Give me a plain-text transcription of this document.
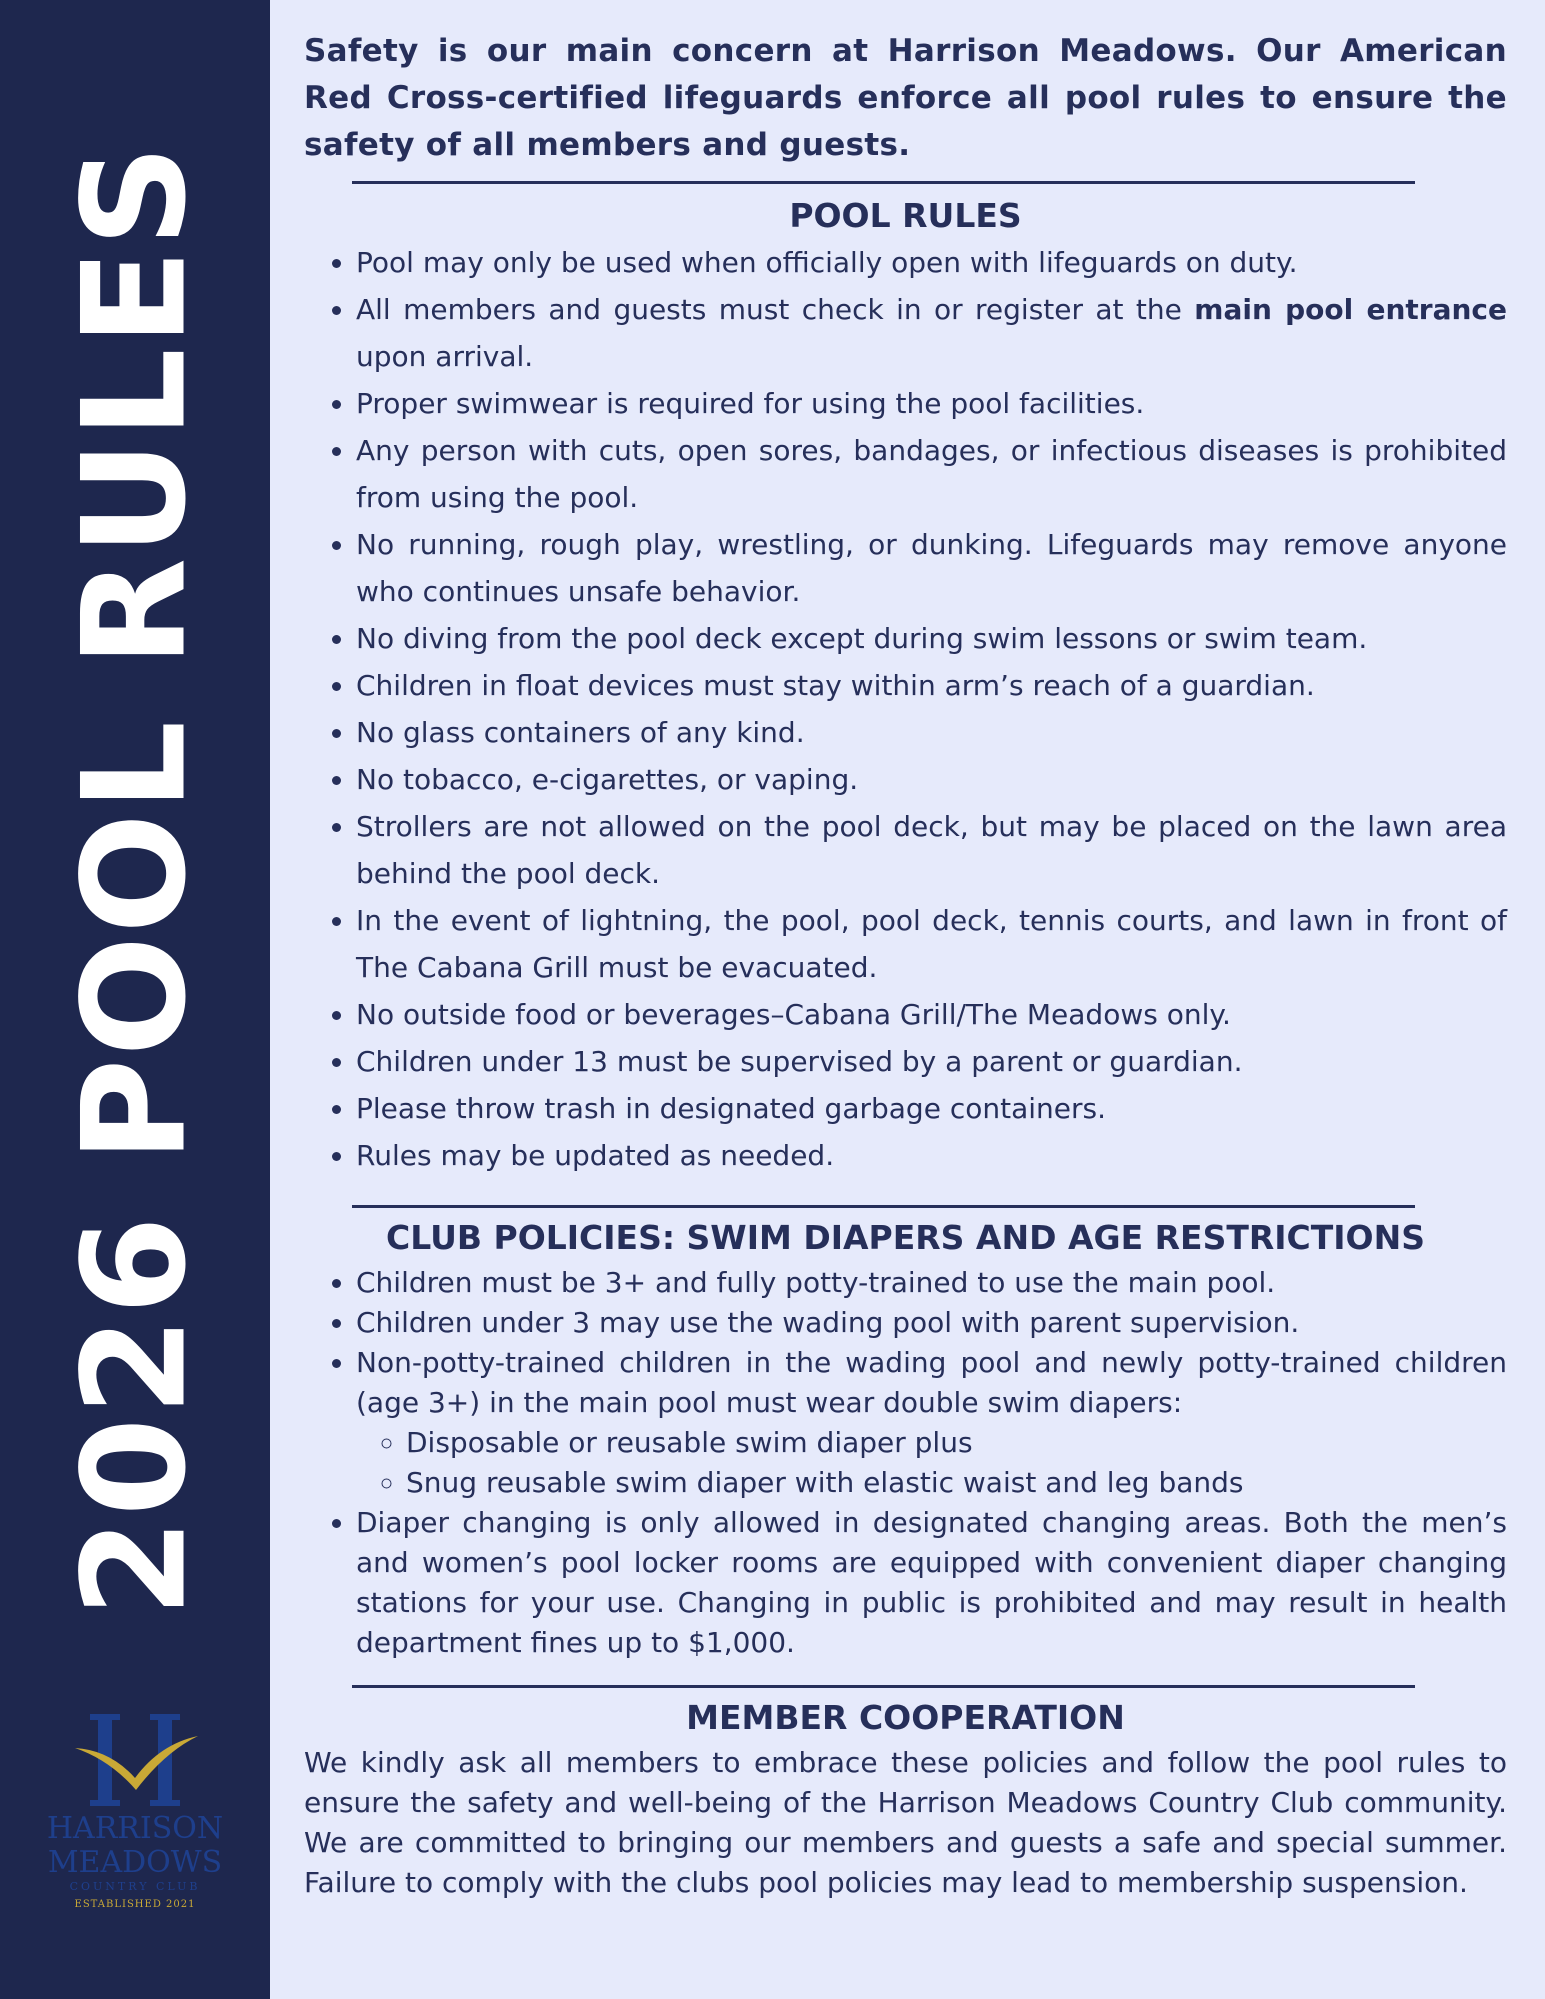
2026 POOL RULES
HARRISON
MEADOWS
COUNTRY CLUB
ESTABLISHED 2021

Safety is our main concern at Harrison Meadows. Our American Red Cross-certified lifeguards enforce all pool rules to ensure the safety of all members and guests.

POOL RULES
• Pool may only be used when officially open with lifeguards on duty.
• All members and guests must check in or register at the main pool entrance upon arrival.
• Proper swimwear is required for using the pool facilities.
• Any person with cuts, open sores, bandages, or infectious diseases is prohibited from using the pool.
• No running, rough play, wrestling, or dunking. Lifeguards may remove anyone who continues unsafe behavior.
• No diving from the pool deck except during swim lessons or swim team.
• Children in float devices must stay within arm’s reach of a guardian.
• No glass containers of any kind.
• No tobacco, e-cigarettes, or vaping.
• Strollers are not allowed on the pool deck, but may be placed on the lawn area behind the pool deck.
• In the event of lightning, the pool, pool deck, tennis courts, and lawn in front of The Cabana Grill must be evacuated.
• No outside food or beverages–Cabana Grill/The Meadows only.
• Children under 13 must be supervised by a parent or guardian.
• Please throw trash in designated garbage containers.
• Rules may be updated as needed.
CLUB POLICIES: SWIM DIAPERS AND AGE RESTRICTIONS
• Children must be 3+ and fully potty-trained to use the main pool.
• Children under 3 may use the wading pool with parent supervision.
• Non-potty-trained children in the wading pool and newly potty-trained children (age 3+) in the main pool must wear double swim diapers:
◦ Disposable or reusable swim diaper plus
◦ Snug reusable swim diaper with elastic waist and leg bands
• Diaper changing is only allowed in designated changing areas. Both the men’s and women’s pool locker rooms are equipped with convenient diaper changing stations for your use. Changing in public is prohibited and may result in health department fines up to $1,000.
MEMBER COOPERATION

We kindly ask all members to embrace these policies and follow the pool rules to ensure the safety and well-being of the Harrison Meadows Country Club community. We are committed to bringing our members and guests a safe and special summer. Failure to comply with the clubs pool policies may lead to membership suspension.
